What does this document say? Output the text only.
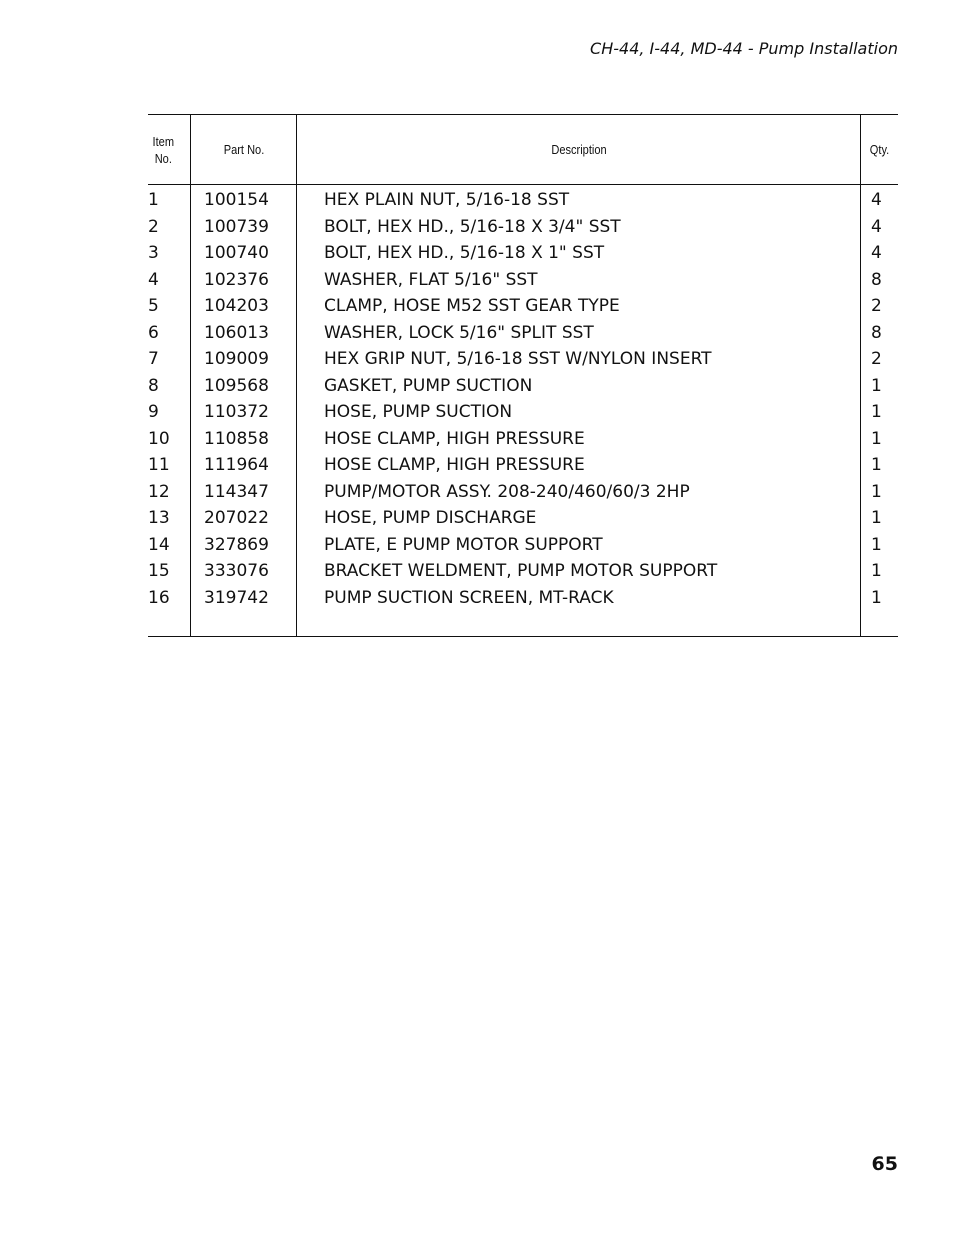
CH-44, I-44, MD-44 - Pump Installation
Item
No.
Part No.	Description	Qty.
1	100154	HEX PLAIN NUT, 5/16-18 SST	4
2	100739	BOLT, HEX HD., 5/16-18 X 3/4" SST	4
3	100740	BOLT, HEX HD., 5/16-18 X 1" SST	4
4	102376	WASHER, FLAT 5/16" SST	8
5	104203	CLAMP, HOSE M52 SST GEAR TYPE	2
6	106013	WASHER, LOCK 5/16" SPLIT SST	8
7	109009	HEX GRIP NUT, 5/16-18 SST W/NYLON INSERT	2
8	109568	GASKET, PUMP SUCTION	1
9	110372	HOSE, PUMP SUCTION	1
10 110858	HOSE CLAMP, HIGH PRESSURE	1
11 111964	HOSE CLAMP, HIGH PRESSURE	1
12 114347	PUMP/MOTOR ASSY. 208-240/460/60/3 2HP	1
13 207022	HOSE, PUMP DISCHARGE	1
14 327869	PLATE, E PUMP MOTOR SUPPORT	1
15 333076	BRACKET WELDMENT, PUMP MOTOR SUPPORT	1
16 319742	PUMP SUCTION SCREEN, MT-RACK	1
65
